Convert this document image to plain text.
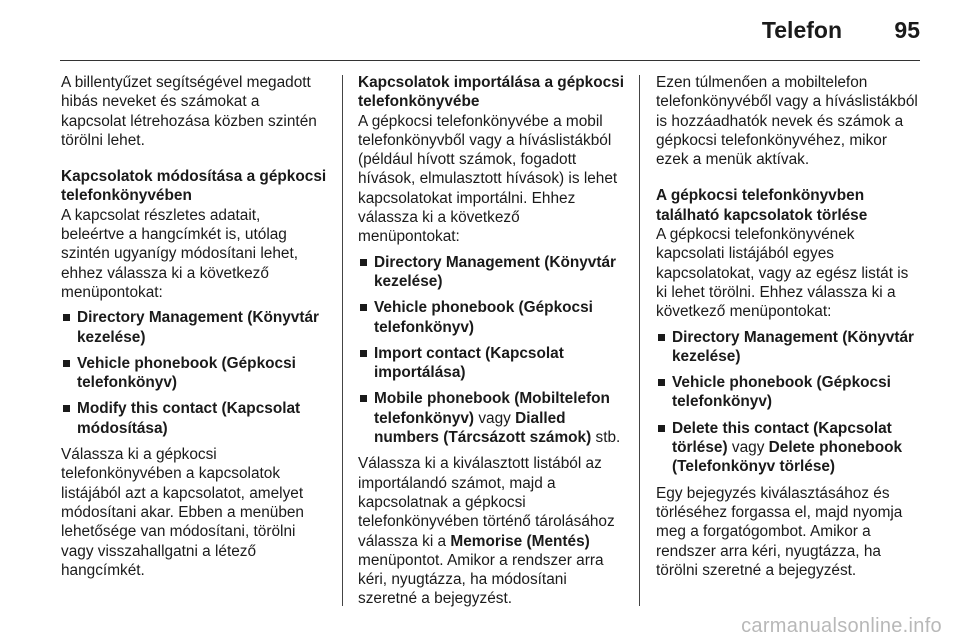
Telefon 95

A billentyűzet segítségével megadott hibás neveket és számokat a kapcsolat létrehozása közben szintén törölni lehet.

Kapcsolatok módosítása a gépkocsi telefonkönyvében

A kapcsolat részletes adatait, beleértve a hangcímkét is, utólag szintén ugyanígy módosítani lehet, ehhez válassza ki a következő menüpontokat:

Directory Management (Könyvtár kezelése)
Vehicle phonebook (Gépkocsi telefonkönyv)
Modify this contact (Kapcsolat módosítása)

Válassza ki a gépkocsi telefonkönyvében a kapcsolatok listájából azt a kapcsolatot, amelyet módosítani akar. Ebben a menüben lehetősége van módosítani, törölni vagy visszahallgatni a létező hangcímkét.

Kapcsolatok importálása a gépkocsi telefonkönyvébe

A gépkocsi telefonkönyvébe a mobil telefonkönyvből vagy a híváslistákból (például hívott számok, fogadott hívások, elmulasztott hívások) is lehet kapcsolatokat importálni. Ehhez válassza ki a következő menüpontokat:

Directory Management (Könyvtár kezelése)
Vehicle phonebook (Gépkocsi telefonkönyv)
Import contact (Kapcsolat importálása)
Mobile phonebook (Mobiltelefon telefonkönyv) vagy Dialled numbers (Tárcsázott számok) stb.

Válassza ki a kiválasztott listából az importálandó számot, majd a kapcsolatnak a gépkocsi telefonkönyvében történő tárolásához válassza ki a Memorise (Mentés) menüpontot. Amikor a rendszer arra kéri, nyugtázza, ha módosítani szeretné a bejegyzést.

Ezen túlmenően a mobiltelefon telefonkönyvéből vagy a híváslistákból is hozzáadhatók nevek és számok a gépkocsi telefonkönyvéhez, mikor ezek a menük aktívak.

A gépkocsi telefonkönyvben található kapcsolatok törlése

A gépkocsi telefonkönyvének kapcsolati listájából egyes kapcsolatokat, vagy az egész listát is ki lehet törölni. Ehhez válassza ki a következő menüpontokat:

Directory Management (Könyvtár kezelése)
Vehicle phonebook (Gépkocsi telefonkönyv)
Delete this contact (Kapcsolat törlése) vagy Delete phonebook (Telefonkönyv törlése)

Egy bejegyzés kiválasztásához és törléséhez forgassa el, majd nyomja meg a forgatógombot. Amikor a rendszer arra kéri, nyugtázza, ha törölni szeretné a bejegyzést.

carmanualsonline.info
